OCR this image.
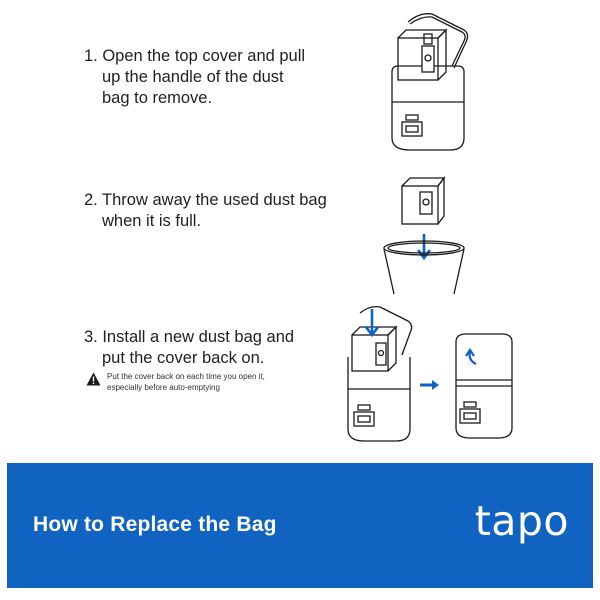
1. Open the top cover and pull
up the handle of the dust
bag to remove.
2. Throw away the used dust bag
when it is full.
3. Install a new dust bag and
put the cover back on.
Put the cover back on each time you open it,
especially before auto-emptying
How to Replace the Bag	tapo
